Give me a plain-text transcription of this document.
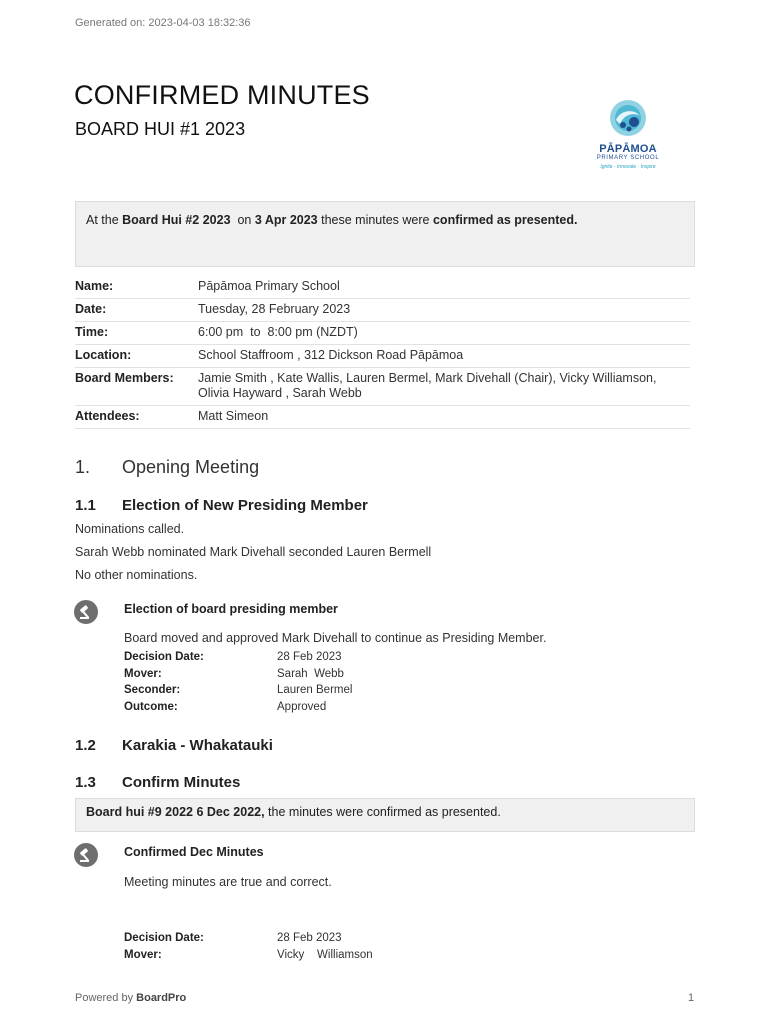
Generated on: 2023-04-03 18:32:36
CONFIRMED MINUTES
BOARD HUI #1 2023
PĀPĀMOA
PRIMARY SCHOOL
Ignite · Innovate · Inspire
At the Board Hui #2 2023  on 3 Apr 2023 these minutes were confirmed as presented.
Name:	Pāpāmoa Primary School
Date:	Tuesday, 28 February 2023
Time:	6:00 pm  to  8:00 pm (NZDT)
Location:	School Staffroom , 312 Dickson Road Pāpāmoa
Board Members:	Jamie Smith , Kate Wallis, Lauren Bermel, Mark Divehall (Chair), Vicky Williamson, Olivia Hayward , Sarah Webb
Attendees:	Matt Simeon
1. Opening Meeting
1.1 Election of New Presiding Member
Nominations called.
Sarah Webb nominated Mark Divehall seconded Lauren Bermell
No other nominations.
Election of board presiding member
Board moved and approved Mark Divehall to continue as Presiding Member.
Decision Date:	28 Feb 2023
Mover:	Sarah  Webb
Seconder:	Lauren Bermel
Outcome:	Approved
1.2 Karakia - Whakatauki
1.3 Confirm Minutes
Board hui #9 2022 6 Dec 2022, the minutes were confirmed as presented.
Confirmed Dec Minutes
Meeting minutes are true and correct.
Decision Date:	28 Feb 2023
Mover:	Vicky    Williamson
Powered by BoardPro	1
